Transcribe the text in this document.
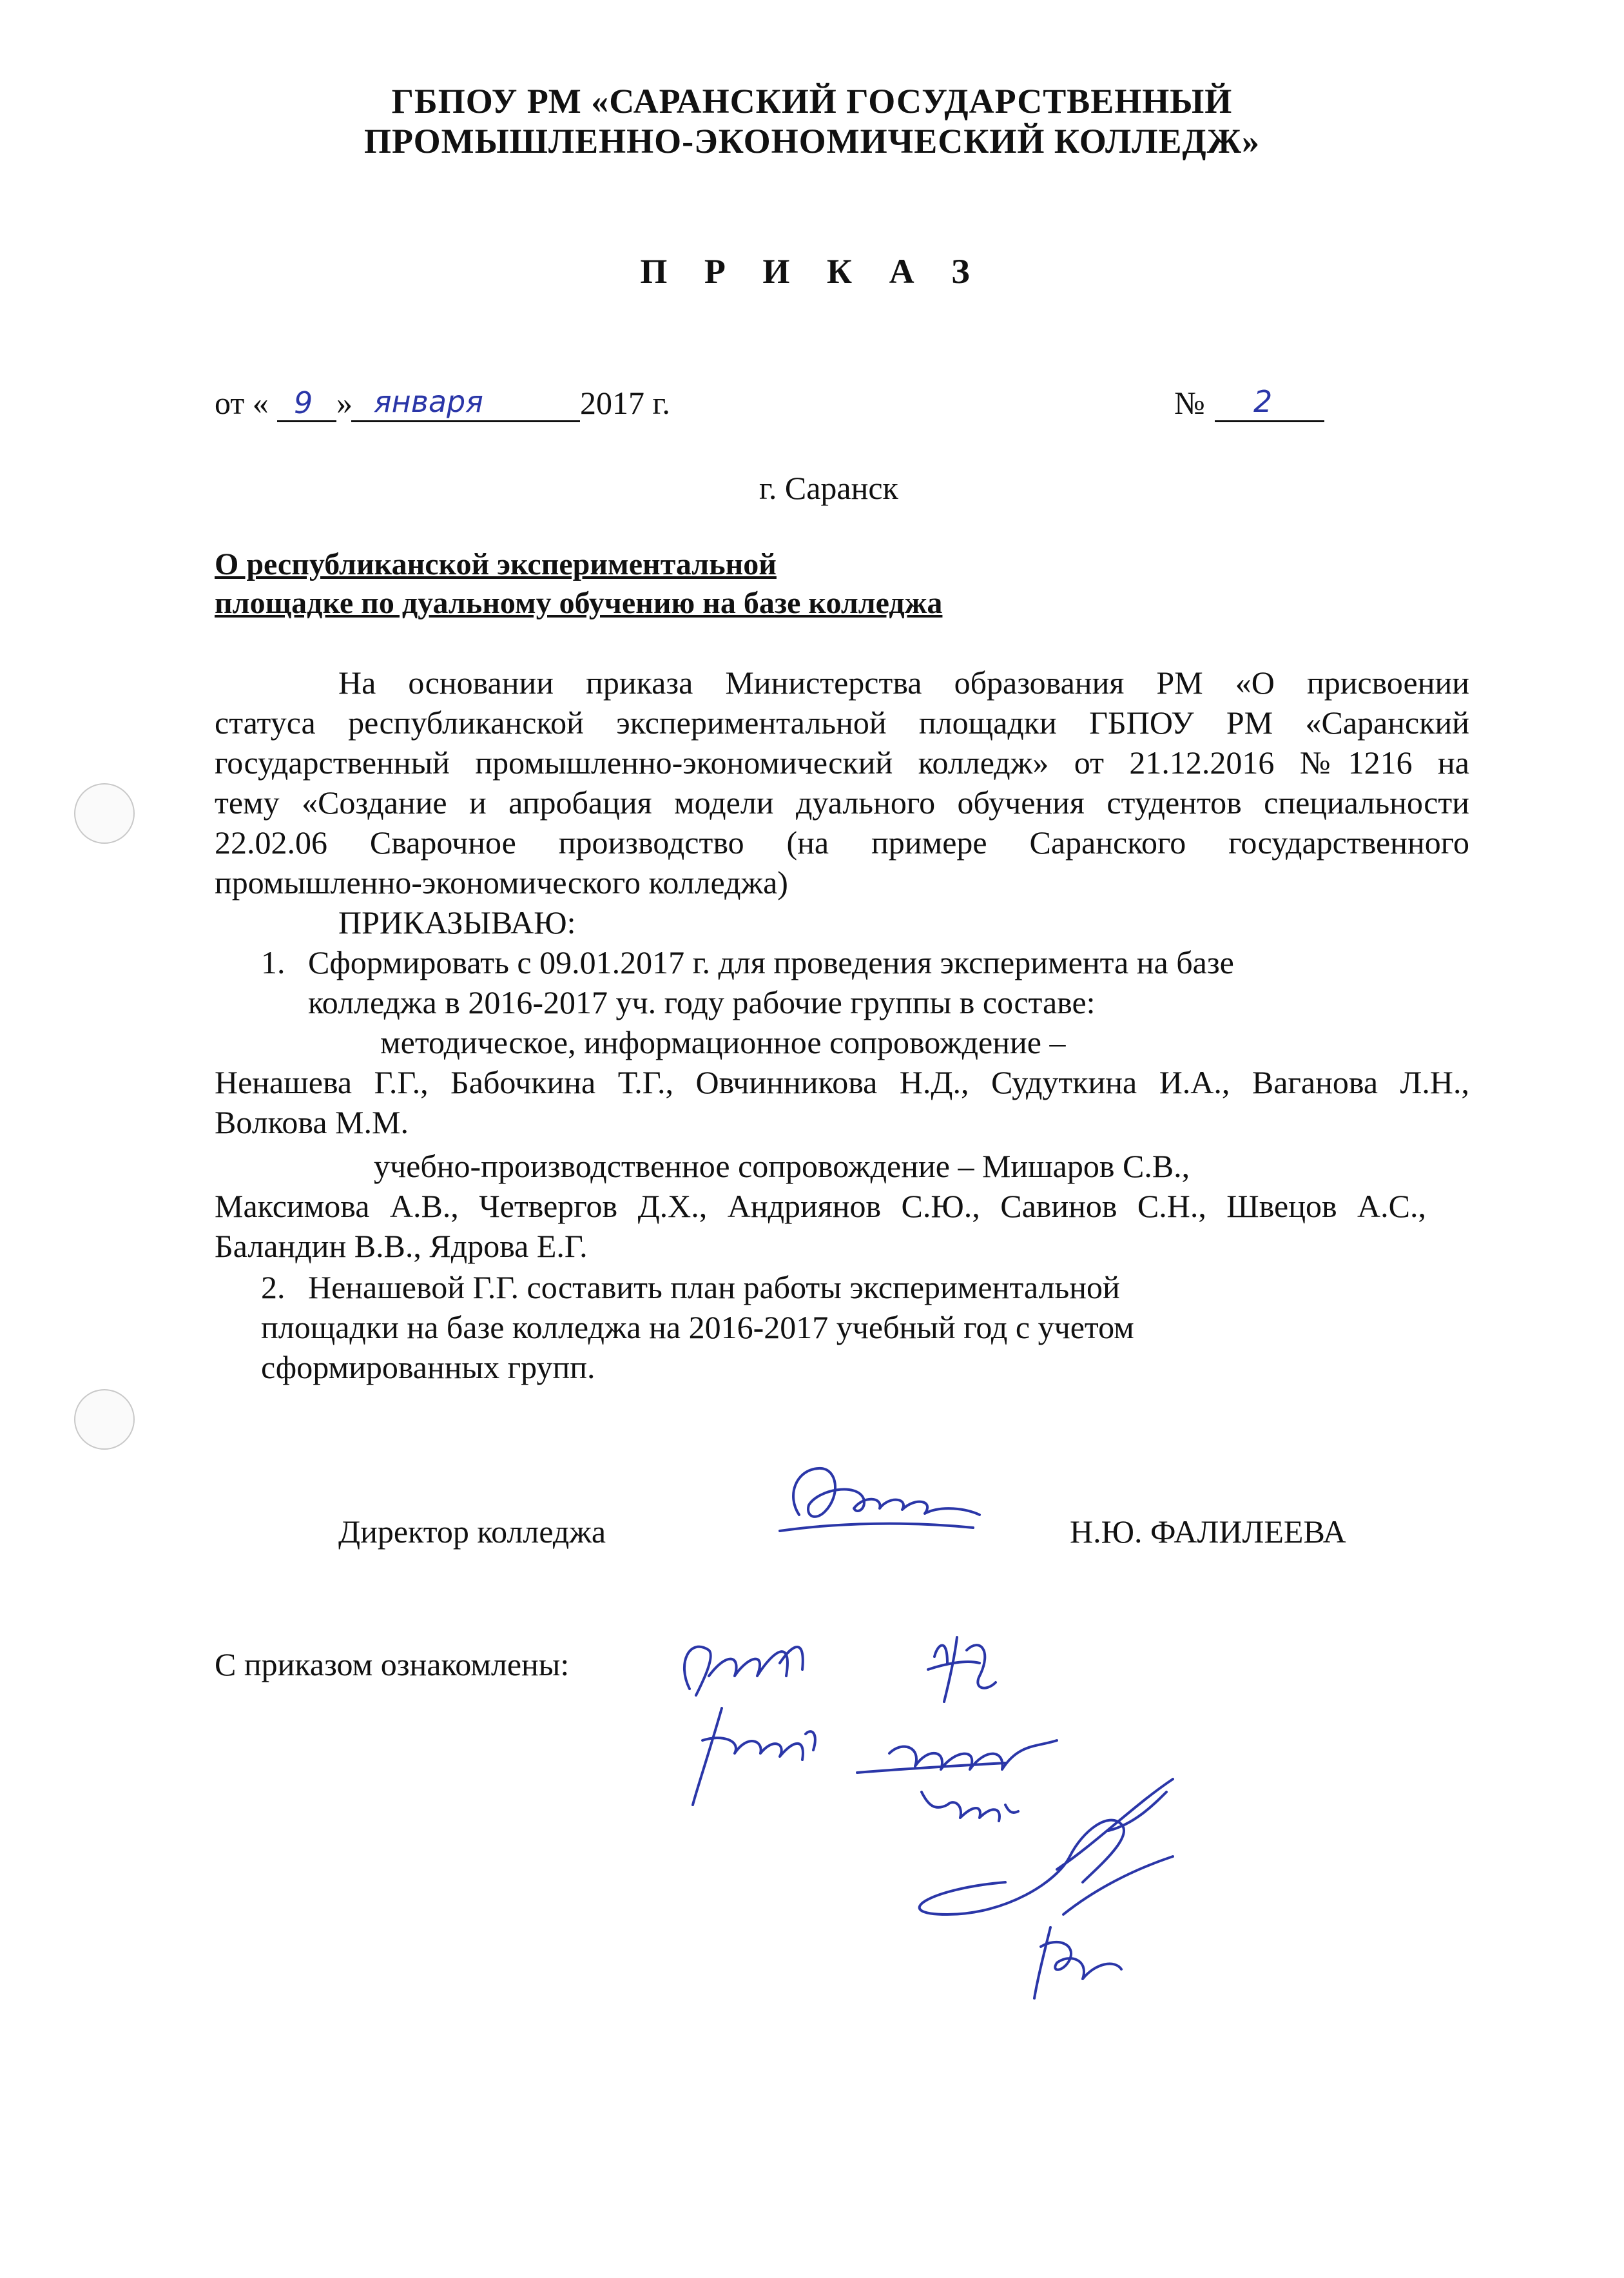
ГБПОУ РМ «САРАНСКИЙ ГОСУДАРСТВЕННЫЙ
ПРОМЫШЛЕННО-ЭКОНОМИЧЕСКИЙ КОЛЛЕДЖ»
П Р И К А З
от « 9 » января	2017 г.	№ 2
г. Саранск
О республиканской экспериментальной
площадке по дуальному обучению на базе колледжа
На основании приказа Министерства образования РМ «О присвоении
статуса республиканской экспериментальной площадки ГБПОУ РМ «Саранский
государственный промышленно-экономический колледж» от 21.12.2016 №1216 на
тему «Создание и апробация модели дуального обучения студентов специальности
22.02.06 Сварочное производство (на примере Саранского государственного
промышленно-экономического колледжа)
ПРИКАЗЫВАЮ:
1. Сформировать с 09.01.2017 г. для проведения эксперимента на базе
колледжа в 2016-2017 уч. году рабочие группы в составе:
методическое, информационное сопровождение –
Ненашева Г.Г., Бабочкина Т.Г., Овчинникова Н.Д., Судуткина И.А., Ваганова Л.Н.,
Волкова М.М.
учебно-производственное сопровождение – Мишаров С.В.,
Максимова А.В., Четвергов Д.Х., Андриянов С.Ю., Савинов С.Н., Швецов А.С.,
Баландин В.В., Ядрова Е.Г.
2. Ненашевой Г.Г. составить план работы экспериментальной
площадки на базе колледжа на 2016-2017 учебный год с учетом
сформированных групп.
Директор колледжа	Н.Ю. ФАЛИЛЕЕВА
С приказом ознакомлены:
